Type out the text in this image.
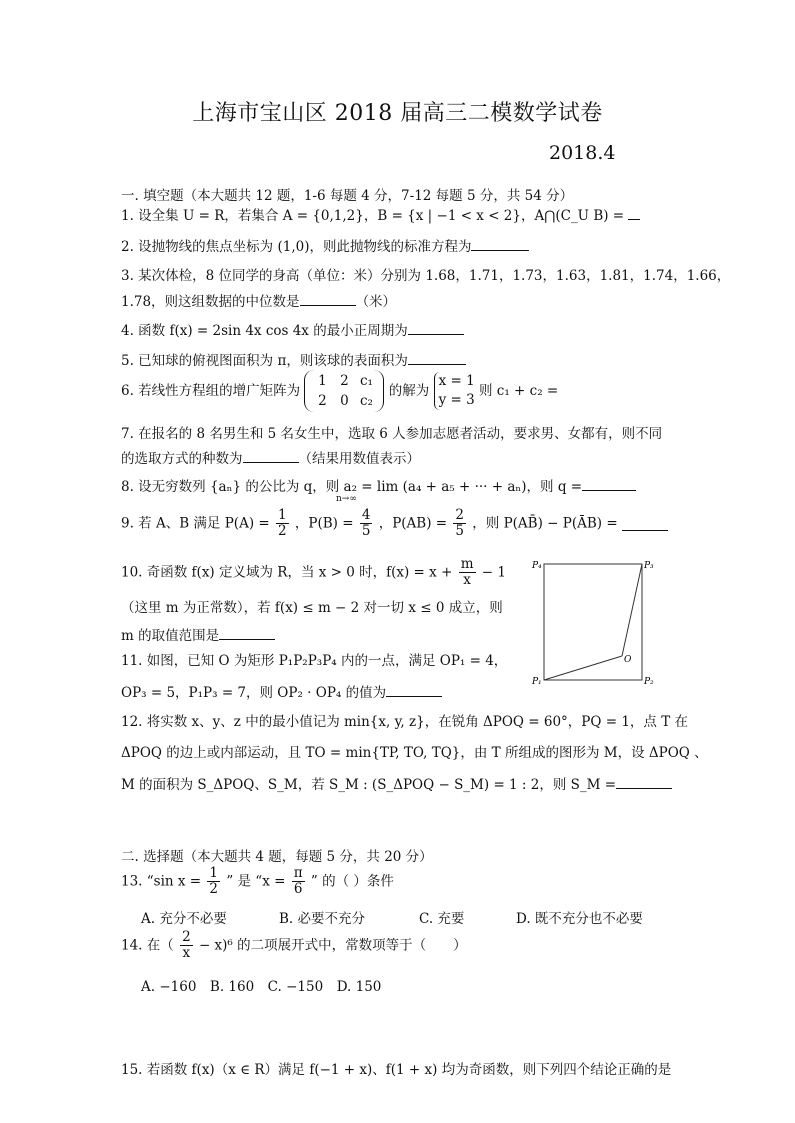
上海市宝山区 2018 届高三二模数学试卷
2018.4
一. 填空题（本大题共 12 题，1-6 每题 4 分，7-12 每题 5 分，共 54 分）
1. 设全集 U = R，若集合 A = {0,1,2}，B = {x | −1 < x < 2}，A⋂(C_U B) =
2. 设抛物线的焦点坐标为 (1,0)，则此抛物线的标准方程为
3. 某次体检，8 位同学的身高（单位：米）分别为 1.68，1.71，1.73，1.63，1.81，1.74，1.66，
1.78，则这组数据的中位数是	（米）
4. 函数 f(x) = 2sin 4x cos 4x 的最小正周期为
5. 已知球的俯视图面积为 π，则该球的表面积为
6. 若线性方程组的增广矩阵为 1 2 c₁
2 0 c₂ 的解为 x = 1
y = 3 则 c₁ + c₂ =
7. 在报名的 8 名男生和 5 名女生中，选取 6 人参加志愿者活动，要求男、女都有，则不同
的选取方式的种数为	（结果用数值表示）
8. 设无穷数列 {aₙ} 的公比为 q，则 a₂ = lim (a₄ + a₅ + ··· + aₙ)，则 q =
n→∞
9. 若 A、B 满足 $P(A) = \frac{1}{2}$ ，$P(B) = \frac{4}{5}$ ，$P(AB) = \frac{2}{5}$ ，则 P(AB̄) − P(ĀB) =
10. 奇函数 f(x) 定义域为 R，当 x > 0 时，$f(x) = x + \frac{m}{x} - 1$
（这里 m 为正常数），若 f(x) ≤ m − 2 对一切 x ≤ 0 成立，则
m 的取值范围是
11. 如图，已知 O 为矩形 P₁P₂P₃P₄ 内的一点，满足 OP₁ = 4，
OP₃ = 5，P₁P₃ = 7，则 OP₂ · OP₄ 的值为
P₄	P₃
P₁	P₂
O
12. 将实数 x、y、z 中的最小值记为 min{x, y, z}，在锐角 ΔPOQ = 60°，PQ = 1，点 T 在
ΔPOQ 的边上或内部运动，且 TO = min{TP, TO, TQ}，由 T 所组成的图形为 M，设 ΔPOQ 、
M 的面积为 S_ΔPOQ、S_M，若 S_M : (S_ΔPOQ − S_M) = 1 : 2，则 S_M =
二. 选择题（本大题共 4 题，每题 5 分，共 20 分）
13. “sin $x = \frac{1}{2}$ ” 是 “$x = \frac{\pi}{6}$ ” 的（ ）条件
A. 充分不必要	B. 必要不充分	C. 充要	D. 既不充分也不必要
14. 在（ $\frac{2}{x} - x)^6$ 的二项展开式中，常数项等于（　　）
A. −160　B. 160　C. −150　D. 150
15. 若函数 f(x)（x ∈ R）满足 f(−1 + x)、f(1 + x) 均为奇函数，则下列四个结论正确的是
